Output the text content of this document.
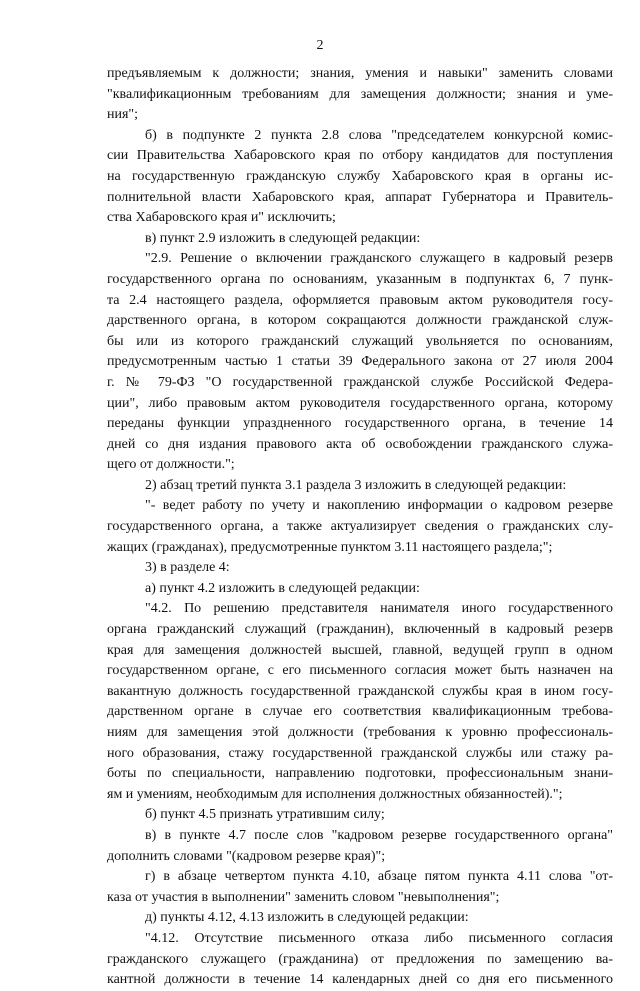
2
предъявляемым к должности; знания, умения и навыки" заменить словами
"квалификационным требованиям для замещения должности; знания и уме-
ния";
б) в подпункте 2 пункта 2.8 слова "председателем конкурсной комис-
сии Правительства Хабаровского края по отбору кандидатов для поступления
на государственную гражданскую службу Хабаровского края в органы ис-
полнительной власти Хабаровского края, аппарат Губернатора и Правитель-
ства Хабаровского края и" исключить;
в) пункт 2.9 изложить в следующей редакции:
"2.9. Решение о включении гражданского служащего в кадровый резерв
государственного органа по основаниям, указанным в подпунктах 6, 7 пунк-
та 2.4 настоящего раздела, оформляется правовым актом руководителя госу-
дарственного органа, в котором сокращаются должности гражданской служ-
бы или из которого гражданский служащий увольняется по основаниям,
предусмотренным частью 1 статьи 39 Федерального закона от 27 июля 2004
г. № 79-ФЗ "О государственной гражданской службе Российской Федера-
ции", либо правовым актом руководителя государственного органа, которому
переданы функции упраздненного государственного органа, в течение 14
дней со дня издания правового акта об освобождении гражданского служа-
щего от должности.";
2) абзац третий пункта 3.1 раздела 3 изложить в следующей редакции:
"- ведет работу по учету и накоплению информации о кадровом резерве
государственного органа, а также актуализирует сведения о гражданских слу-
жащих (гражданах), предусмотренные пунктом 3.11 настоящего раздела;";
3) в разделе 4:
а) пункт 4.2 изложить в следующей редакции:
"4.2. По решению представителя нанимателя иного государственного
органа гражданский служащий (гражданин), включенный в кадровый резерв
края для замещения должностей высшей, главной, ведущей групп в одном
государственном органе, с его письменного согласия может быть назначен на
вакантную должность государственной гражданской службы края в ином госу-
дарственном органе в случае его соответствия квалификационным требова-
ниям для замещения этой должности (требования к уровню профессиональ-
ного образования, стажу государственной гражданской службы или стажу ра-
боты по специальности, направлению подготовки, профессиональным знани-
ям и умениям, необходимым для исполнения должностных обязанностей).";
б) пункт 4.5 признать утратившим силу;
в) в пункте 4.7 после слов "кадровом резерве государственного органа"
дополнить словами "(кадровом резерве края)";
г) в абзаце четвертом пункта 4.10, абзаце пятом пункта 4.11 слова "от-
каза от участия в выполнении" заменить словом "невыполнения";
д) пункты 4.12, 4.13 изложить в следующей редакции:
"4.12. Отсутствие письменного отказа либо письменного согласия
гражданского служащего (гражданина) от предложения по замещению ва-
кантной должности в течение 14 календарных дней со дня его письменного
